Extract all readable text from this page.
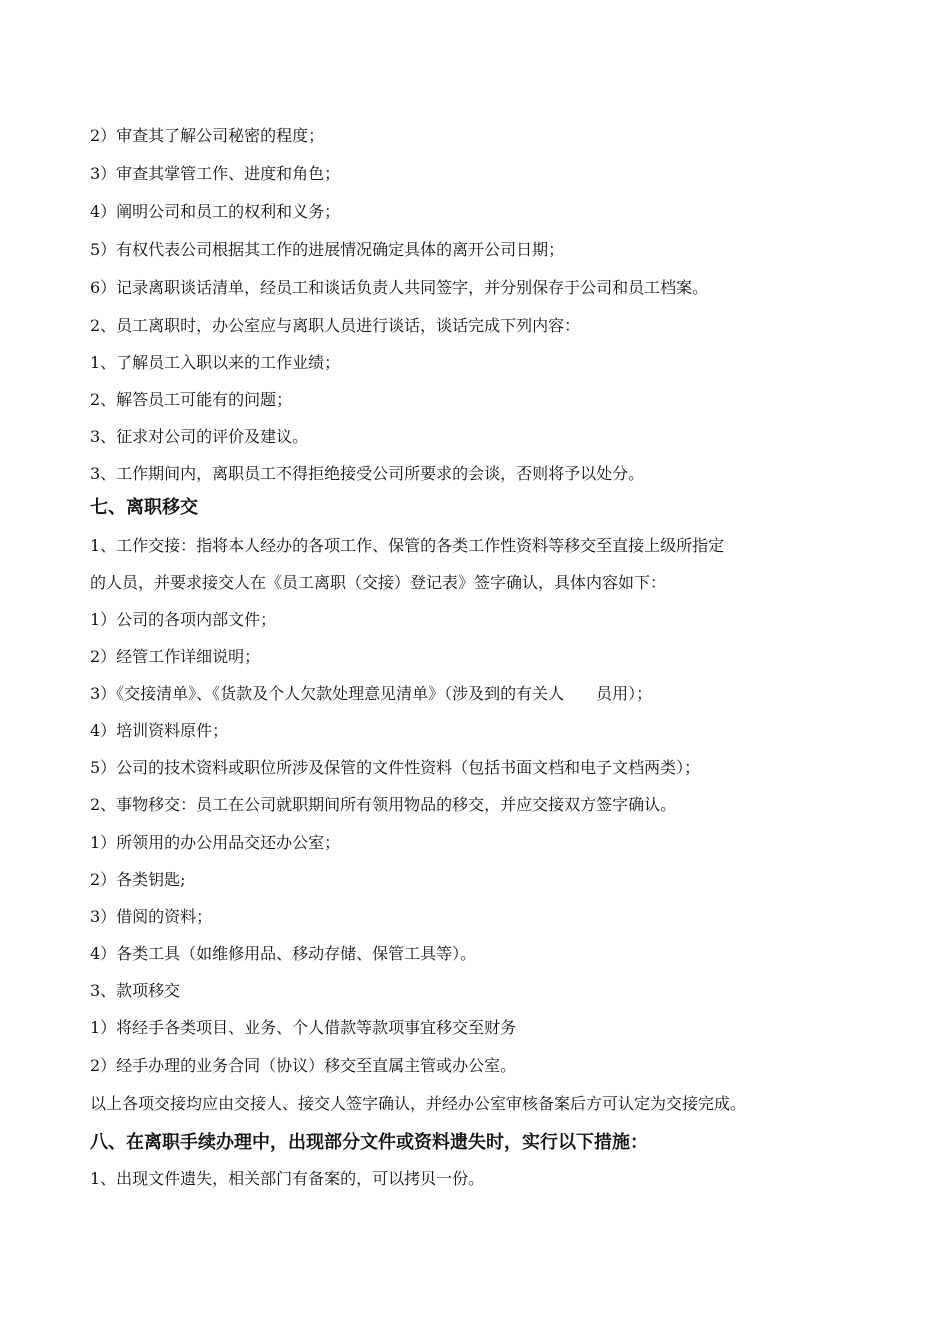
2）审查其了解公司秘密的程度；
3）审查其掌管工作、进度和角色；
4）阐明公司和员工的权利和义务；
5）有权代表公司根据其工作的进展情况确定具体的离开公司日期；
6）记录离职谈话清单，经员工和谈话负责人共同签字，并分别保存于公司和员工档案。
2、员工离职时，办公室应与离职人员进行谈话，谈话完成下列内容：
1、了解员工入职以来的工作业绩；
2、解答员工可能有的问题；
3、征求对公司的评价及建议。
3、工作期间内，离职员工不得拒绝接受公司所要求的会谈，否则将予以处分。
七、离职移交
1、工作交接：指将本人经办的各项工作、保管的各类工作性资料等移交至直接上级所指定
的人员，并要求接交人在《员工离职（交接）登记表》签字确认，具体内容如下：
1）公司的各项内部文件；
2）经管工作详细说明；
3）《交接清单》、《货款及个人欠款处理意见清单》（涉及到的有关人　　员用）；
4）培训资料原件；
5）公司的技术资料或职位所涉及保管的文件性资料（包括书面文档和电子文档两类）；
2、事物移交：员工在公司就职期间所有领用物品的移交，并应交接双方签字确认。
1）所领用的办公用品交还办公室；
2）各类钥匙;
3）借阅的资料；
4）各类工具（如维修用品、移动存储、保管工具等）。
3、款项移交
1）将经手各类项目、业务、个人借款等款项事宜移交至财务
2）经手办理的业务合同（协议）移交至直属主管或办公室。
以上各项交接均应由交接人、接交人签字确认，并经办公室审核备案后方可认定为交接完成。
八、在离职手续办理中，出现部分文件或资料遗失时，实行以下措施：
1、出现文件遗失，相关部门有备案的，可以拷贝一份。
